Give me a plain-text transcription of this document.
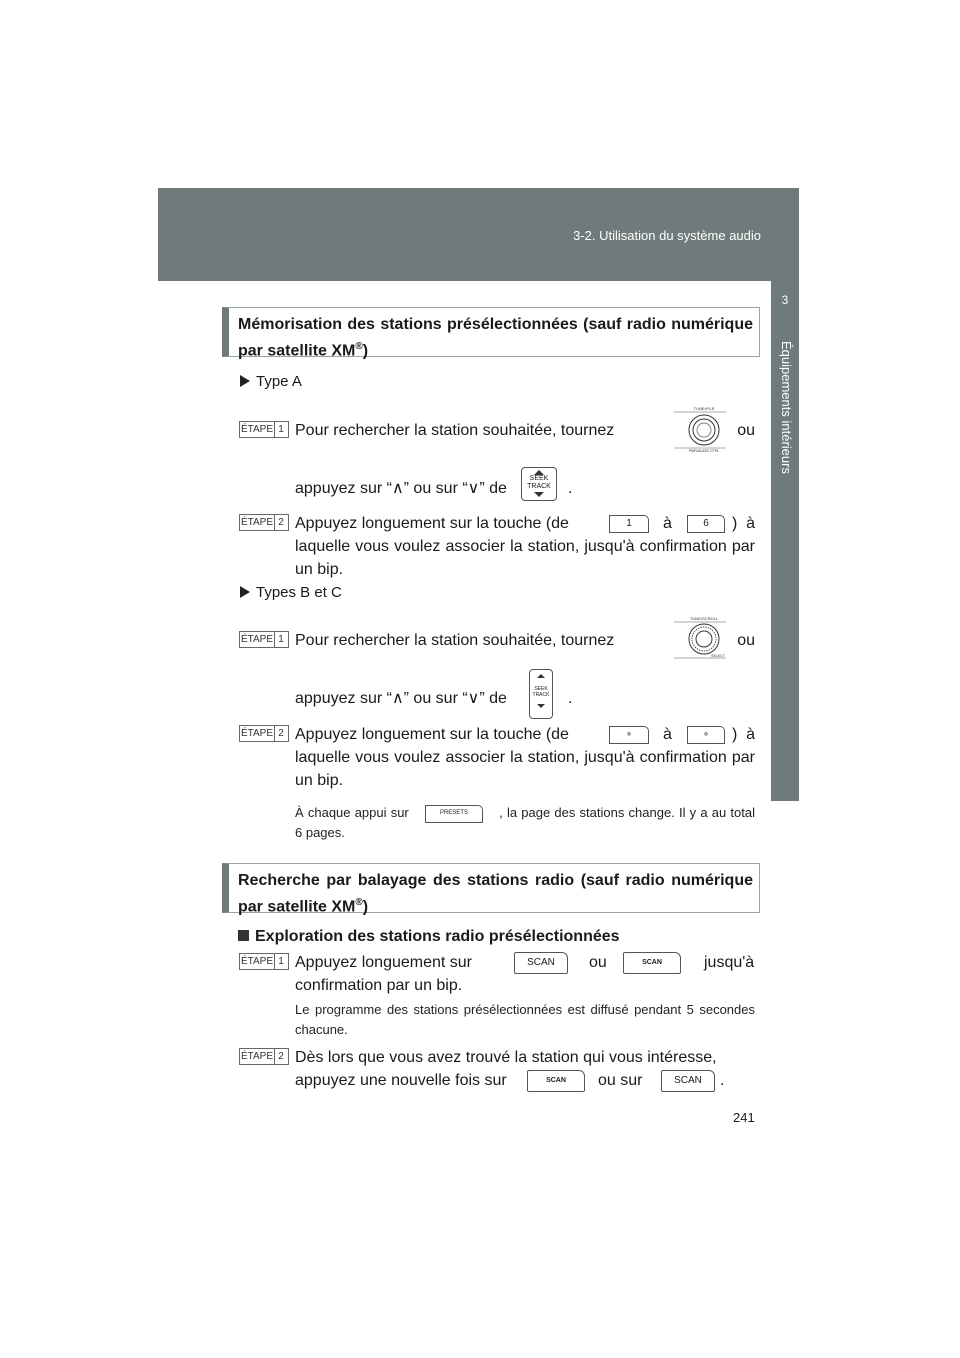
3-2. Utilisation du système audio
3
Équipements intérieurs
Mémorisation des stations présélectionnées (sauf radio numérique par satellite XM®)
Type A
ÉTAPE 1 Pour rechercher la station souhaitée, tournez	ou
TUNE•FILE
PWR•AUDIO CTRL
appuyez sur “∧” ou sur “∨” de
SEEK
TRACK	.
ÉTAPE 2 Appuyez longuement sur la touche (de	1	à	6	) à laquelle vous voulez associer la station, jusqu'à confirmation par un bip.
Types B et C
ÉTAPE 1 Pour rechercher la station souhaitée, tournez	ou
TUNE•SCROLL
SELECT
appuyez sur “∧” ou sur “∨” de
SEEK
TRACK .
ÉTAPE 2 Appuyez longuement sur la touche (de	∘	à	∘	) à laquelle vous voulez associer la station, jusqu'à confirmation par un bip.
À chaque appui sur	PRESETS , la page des stations change. Il y a au total 6 pages.
Recherche par balayage des stations radio (sauf radio numérique par satellite XM®)
Exploration des stations radio présélectionnées
ÉTAPE 1 Appuyez longuement sur	SCAN	ou	SCAN	jusqu'à
confirmation par un bip.
Le programme des stations présélectionnées est diffusé pendant 5 secondes chacune.
ÉTAPE 2 Dès lors que vous avez trouvé la station qui vous intéresse,
appuyez une nouvelle fois sur	SCAN	ou sur	SCAN	.
241
